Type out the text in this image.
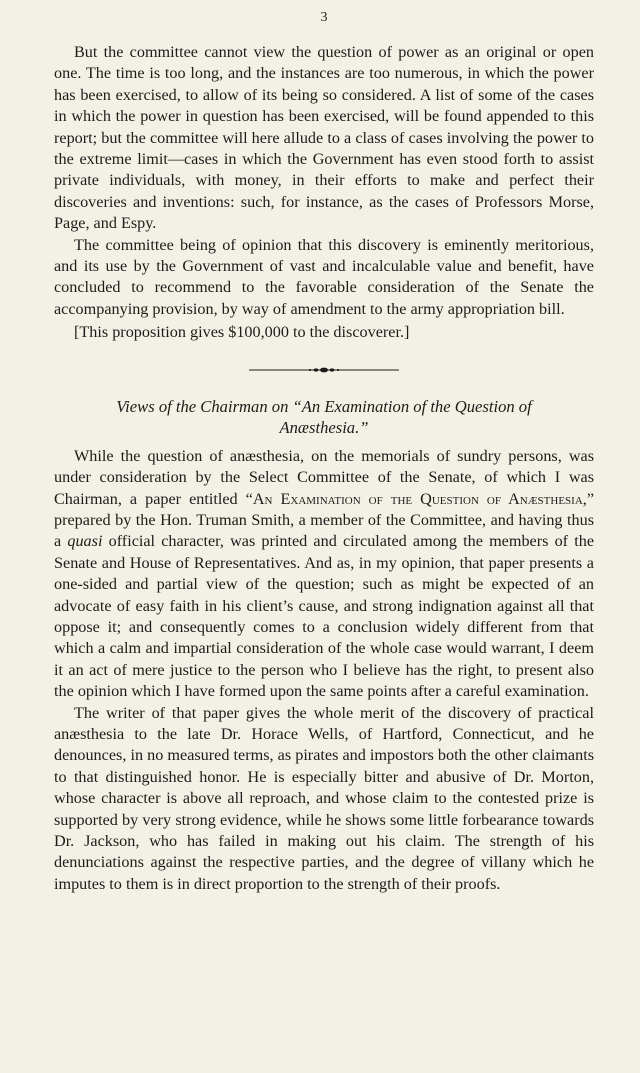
3

But the committee cannot view the question of power as an original or open one. The time is too long, and the instances are too numerous, in which the power has been exercised, to allow of its being so considered. A list of some of the cases in which the power in question has been exercised, will be found appended to this report; but the committee will here allude to a class of cases involving the power to the extreme limit—cases in which the Government has even stood forth to assist private individuals, with money, in their efforts to make and perfect their discoveries and inventions: such, for instance, as the cases of Professors Morse, Page, and Espy.

The committee being of opinion that this discovery is eminently meritorious, and its use by the Government of vast and incalculable value and benefit, have concluded to recommend to the favorable consideration of the Senate the accompanying provision, by way of amendment to the army appropriation bill.

[This proposition gives $100,000 to the discoverer.]

Views of the Chairman on “An Examination of the Question of
Anæsthesia.”

While the question of anæsthesia, on the memorials of sundry persons, was under consideration by the Select Committee of the Senate, of which I was Chairman, a paper entitled “An Examination of the Question of Anæsthesia,” prepared by the Hon. Truman Smith, a member of the Committee, and having thus a quasi official character, was printed and circulated among the members of the Senate and House of Representatives. And as, in my opinion, that paper presents a one-sided and partial view of the question; such as might be expected of an advocate of easy faith in his client’s cause, and strong indignation against all that oppose it; and consequently comes to a conclusion widely different from that which a calm and impartial consideration of the whole case would warrant, I deem it an act of mere justice to the person who I believe has the right, to present also the opinion which I have formed upon the same points after a careful examination.

The writer of that paper gives the whole merit of the discovery of practical anæsthesia to the late Dr. Horace Wells, of Hartford, Connecticut, and he denounces, in no measured terms, as pirates and impostors both the other claimants to that distinguished honor. He is especially bitter and abusive of Dr. Morton, whose character is above all reproach, and whose claim to the contested prize is supported by very strong evidence, while he shows some little forbearance towards Dr. Jackson, who has failed in making out his claim. The strength of his denunciations against the respective parties, and the degree of villany which he imputes to them is in direct proportion to the strength of their proofs.
